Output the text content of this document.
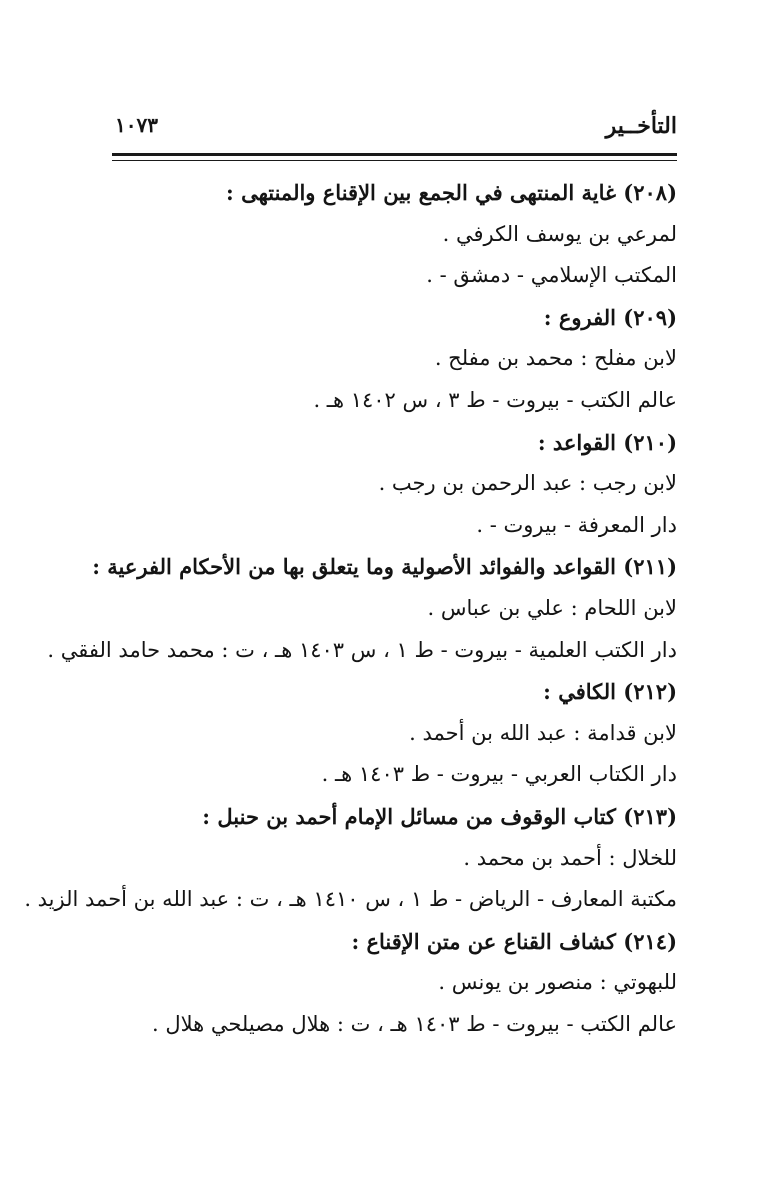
التأخــير
١٠٧٣
(٢٠٨) غاية المنتهى في الجمع بين الإقناع والمنتهى :
لمرعي بن يوسف الكرفي .
المكتب الإسلامي - دمشق - .
(٢٠٩) الفروع :
لابن مفلح : محمد بن مفلح .
عالم الكتب - بيروت - ط ٣ ، س ١٤٠٢ هـ .
(٢١٠) القواعد :
لابن رجب : عبد الرحمن بن رجب .
دار المعرفة - بيروت - .
(٢١١) القواعد والفوائد الأصولية وما يتعلق بها من الأحكام الفرعية :
لابن اللحام : علي بن عباس .
دار الكتب العلمية - بيروت - ط ١ ، س ١٤٠٣ هـ ، ت : محمد حامد الفقي .
(٢١٢) الكافي :
لابن قدامة : عبد الله بن أحمد .
دار الكتاب العربي - بيروت - ط ١٤٠٣ هـ .
(٢١٣) كتاب الوقوف من مسائل الإمام أحمد بن حنبل :
للخلال : أحمد بن محمد .
مكتبة المعارف - الرياض - ط ١ ، س ١٤١٠ هـ ، ت : عبد الله بن أحمد الزيد .
(٢١٤) كشاف القناع عن متن الإقناع :
للبهوتي : منصور بن يونس .
عالم الكتب - بيروت - ط ١٤٠٣ هـ ، ت : هلال مصيلحي هلال .
